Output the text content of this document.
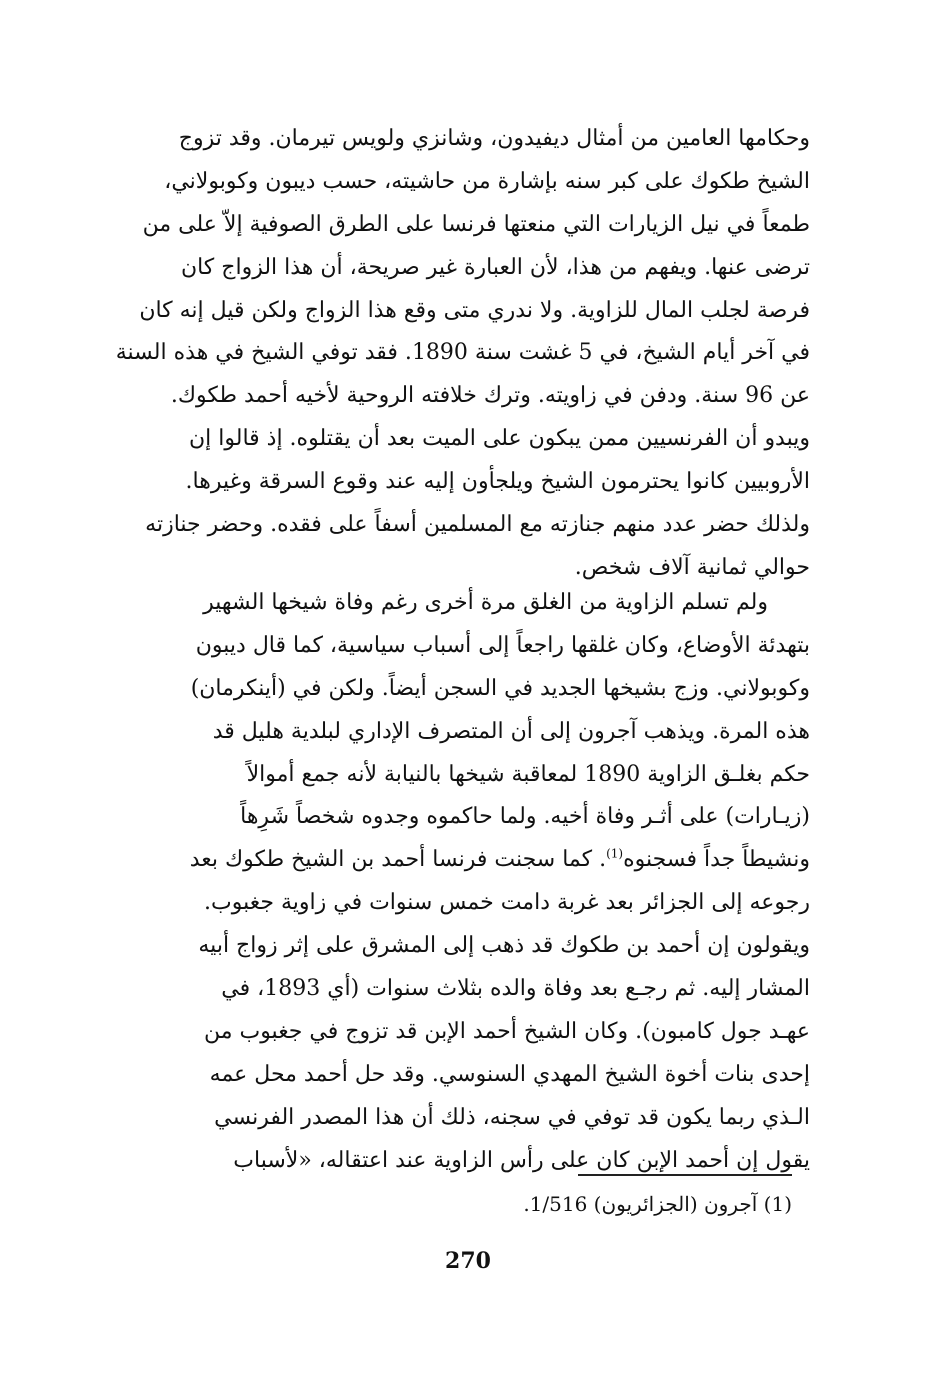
وحكامها العامين من أمثال ديفيدون، وشانزي ولويس تيرمان. وقد تزوج
الشيخ طكوك على كبر سنه بإشارة من حاشيته، حسب ديبون وكوبولاني،
طمعاً في نيل الزيارات التي منعتها فرنسا على الطرق الصوفية إلاّ على من
ترضى عنها. ويفهم من هذا، لأن العبارة غير صريحة، أن هذا الزواج كان
فرصة لجلب المال للزاوية. ولا ندري متى وقع هذا الزواج ولكن قيل إنه كان
في آخر أيام الشيخ، في 5 غشت سنة 1890. فقد توفي الشيخ في هذه السنة
عن 96 سنة. ودفن في زاويته. وترك خلافته الروحية لأخيه أحمد طكوك.
ويبدو أن الفرنسيين ممن يبكون على الميت بعد أن يقتلوه. إذ قالوا إن
الأروبيين كانوا يحترمون الشيخ ويلجأون إليه عند وقوع السرقة وغيرها.
ولذلك حضر عدد منهم جنازته مع المسلمين أسفاً على فقده. وحضر جنازته
حوالي ثمانية آلاف شخص.
ولم تسلم الزاوية من الغلق مرة أخرى رغم وفاة شيخها الشهير
بتهدئة الأوضاع، وكان غلقها راجعاً إلى أسباب سياسية، كما قال ديبون
وكوبولاني. وزج بشيخها الجديد في السجن أيضاً. ولكن في (أينكرمان)
هذه المرة. ويذهب آجرون إلى أن المتصرف الإداري لبلدية هليل قد
حكم بغلـق الزاوية 1890 لمعاقبة شيخها بالنيابة لأنه جمع أموالاً
(زيـارات) على أثـر وفاة أخيه. ولما حاكموه وجدوه شخصاً شَرِهاً
ونشيطاً جداً فسجنوه$^{(1)}$. كما سجنت فرنسا أحمد بن الشيخ طكوك بعد
رجوعه إلى الجزائر بعد غربة دامت خمس سنوات في زاوية جغبوب.
ويقولون إن أحمد بن طكوك قد ذهب إلى المشرق على إثر زواج أبيه
المشار إليه. ثم رجـع بعد وفاة والده بثلاث سنوات (أي 1893، في
عهـد جول كامبون). وكان الشيخ أحمد الإبن قد تزوج في جغبوب من
إحدى بنات أخوة الشيخ المهدي السنوسي. وقد حل أحمد محل عمه
الـذي ربما يكون قد توفي في سجنه، ذلك أن هذا المصدر الفرنسي
يقول إن أحمد الإبن كان على رأس الزاوية عند اعتقاله، «لأسباب
(1) آجرون (الجزائريون) 1/516.
270
